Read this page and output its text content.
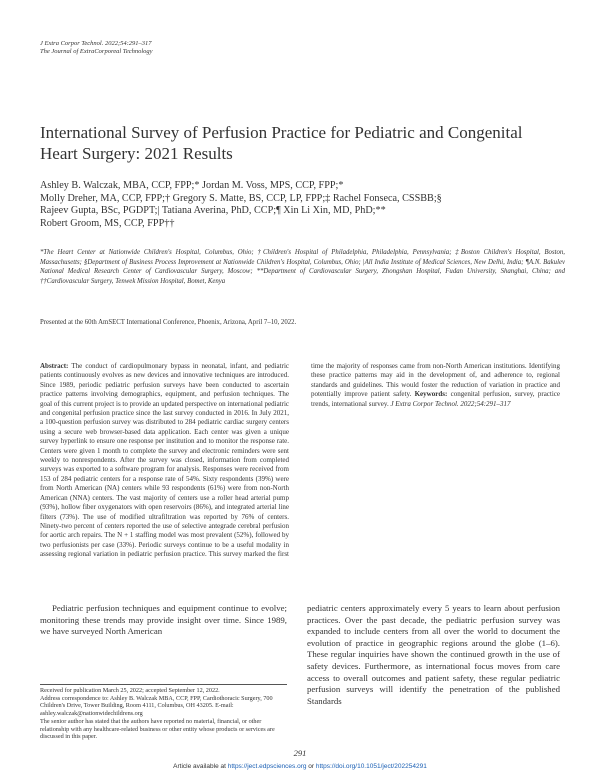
J Extra Corpor Technol. 2022;54:291–317
The Journal of ExtraCorporeal Technology
International Survey of Perfusion Practice for Pediatric and Congenital Heart Surgery: 2021 Results
Ashley B. Walczak, MBA, CCP, FPP;* Jordan M. Voss, MPS, CCP, FPP;*
Molly Dreher, MA, CCP, FPP;† Gregory S. Matte, BS, CCP, LP, FPP;‡ Rachel Fonseca, CSSBB;§
Rajeev Gupta, BSc, PGDPT;| Tatiana Averina, PhD, CCP;¶ Xin Li Xin, MD, PhD;**
Robert Groom, MS, CCP, FPP††
*The Heart Center at Nationwide Children's Hospital, Columbus, Ohio; †Children's Hospital of Philadelphia, Philadelphia, Pennsylvania; ‡Boston Children's Hospital, Boston, Massachusetts; §Department of Business Process Improvement at Nationwide Children's Hospital, Columbus, Ohio; |All India Institute of Medical Sciences, New Delhi, India; ¶A.N. Bakulev National Medical Research Center of Cardiovascular Surgery, Moscow; **Department of Cardiovascular Surgery, Zhongshan Hospital, Fudan University, Shanghai, China; and ††Cardiovascular Surgery, Tenwek Mission Hospital, Bomet, Kenya
Presented at the 60th AmSECT International Conference, Phoenix, Arizona, April 7–10, 2022.
Abstract: The conduct of cardiopulmonary bypass in neonatal, infant, and pediatric patients continuously evolves as new devices and innovative techniques are introduced. Since 1989, periodic pediatric perfusion surveys have been conducted to ascertain practice patterns involving demographics, equipment, and perfusion techniques. The goal of this current project is to provide an updated perspective on international pediatric and congenital perfusion practice since the last survey conducted in 2016. In July 2021, a 100-question perfusion survey was distributed to 284 pediatric cardiac surgery centers using a secure web browser-based data application. Each center was given a unique survey hyperlink to ensure one response per institution and to monitor the response rate. Centers were given 1 month to complete the survey and electronic reminders were sent weekly to nonrespondents. After the survey was closed, information from completed surveys was exported to a software program for analysis. Responses were received from 153 of 284 pediatric centers for a response rate of 54%. Sixty respondents (39%) were from North American (NA) centers while 93 respondents (61%) were from non-North American (NNA) centers. The vast majority of centers use a roller head arterial pump (93%), hollow fiber oxygenators with open reservoirs (86%), and integrated arterial line filters (73%). The use of modified ultrafiltration was reported by 76% of centers. Ninety-two percent of centers reported the use of selective antegrade cerebral perfusion for aortic arch repairs. The N + 1 staffing model was most prevalent (52%), followed by two perfusionists per case (33%). Periodic surveys continue to be a useful modality in assessing regional variation in pediatric perfusion practice. This survey marked the first time the majority of responses came from non-North American institutions. Identifying these practice patterns may aid in the development of, and adherence to, regional standards and guidelines. This would foster the reduction of variation in practice and potentially improve patient safety. Keywords: congenital perfusion, survey, practice trends, international survey. J Extra Corpor Technol. 2022;54:291–317
Pediatric perfusion techniques and equipment continue to evolve; monitoring these trends may provide insight over time. Since 1989, we have surveyed North American
pediatric centers approximately every 5 years to learn about perfusion practices. Over the past decade, the pediatric perfusion survey was expanded to include centers from all over the world to document the evolution of practice in geographic regions around the globe (1–6). These regular inquiries have shown the continued growth in the use of safety devices. Furthermore, as international focus moves from care access to overall outcomes and patient safety, these regular pediatric perfusion surveys will identify the penetration of the published Standards
Received for publication March 25, 2022; accepted September 12, 2022.
Address correspondence to: Ashley B. Walczak MBA, CCP, FPP, Cardiothoracic Surgery, 700 Children's Drive, Tower Building, Room 4111, Columbus, OH 43205. E-mail: ashley.walczak@nationwidechildrens.org
The senior author has stated that the authors have reported no material, financial, or other relationship with any healthcare-related business or other entity whose products or services are discussed in this paper.
291
Article available at https://ject.edpsciences.org or https://doi.org/10.1051/ject/202254291
